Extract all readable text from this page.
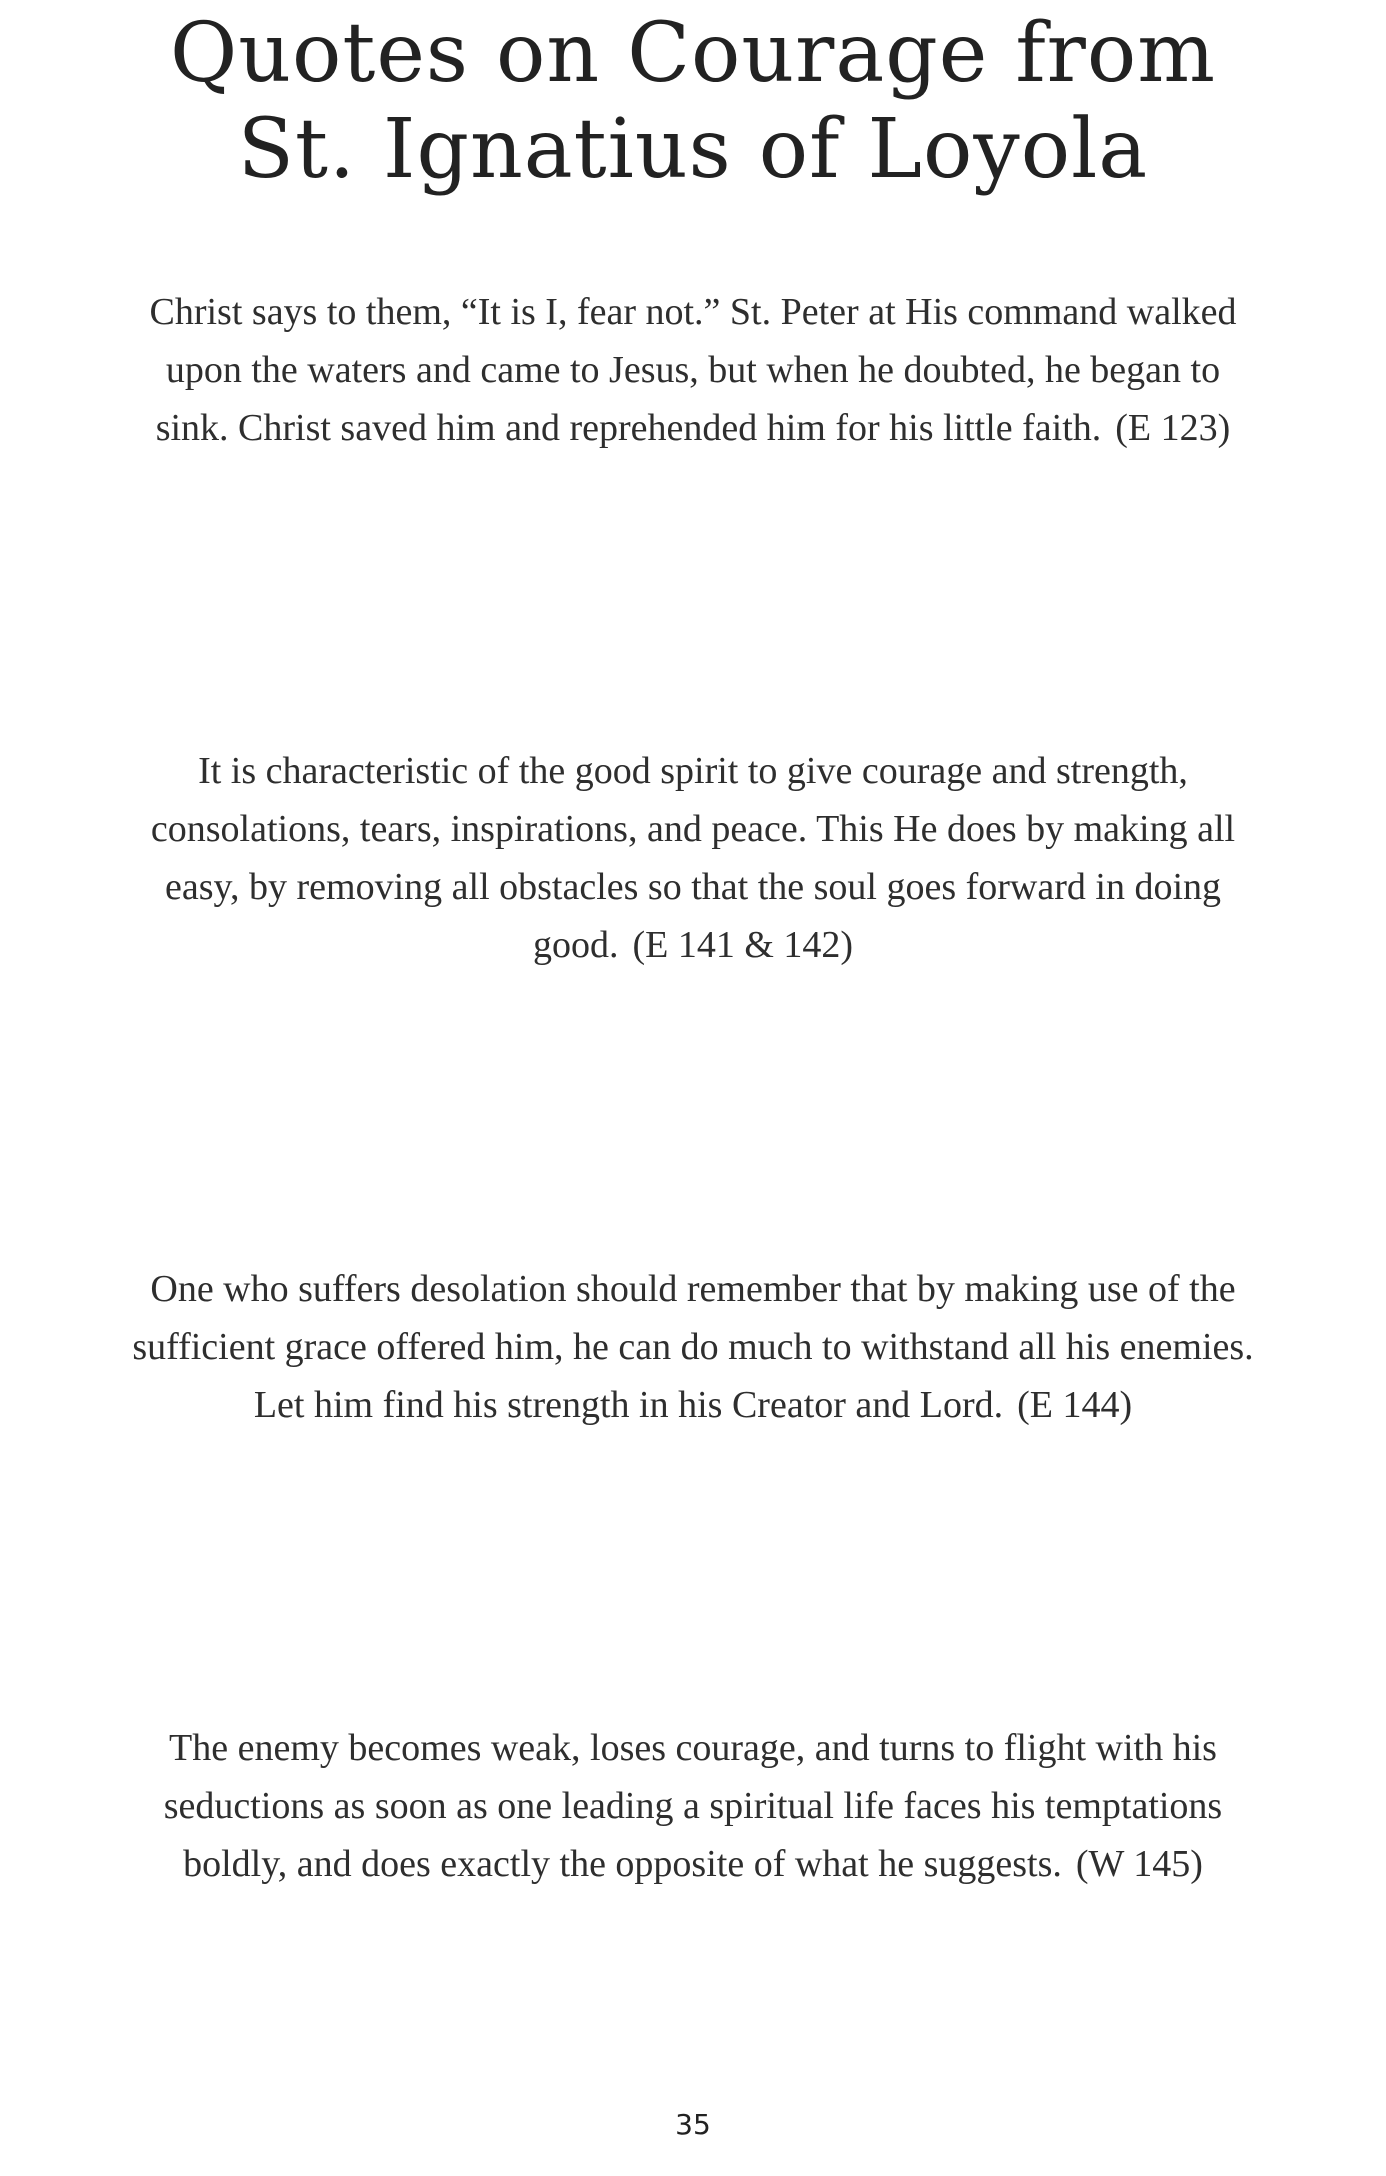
Quotes on Courage from
St. Ignatius of Loyola

Christ says to them, “It is I, fear not.” St. Peter at His command walked
upon the waters and came to Jesus, but when he doubted, he began to
sink. Christ saved him and reprehended him for his little faith. (E 123)

It is characteristic of the good spirit to give courage and strength,
consolations, tears, inspirations, and peace. This He does by making all
easy, by removing all obstacles so that the soul goes forward in doing
good. (E 141 & 142)

One who suffers desolation should remember that by making use of the
sufficient grace offered him, he can do much to withstand all his enemies.
Let him find his strength in his Creator and Lord. (E 144)

The enemy becomes weak, loses courage, and turns to flight with his
seductions as soon as one leading a spiritual life faces his temptations
boldly, and does exactly the opposite of what he suggests. (W 145)

35
